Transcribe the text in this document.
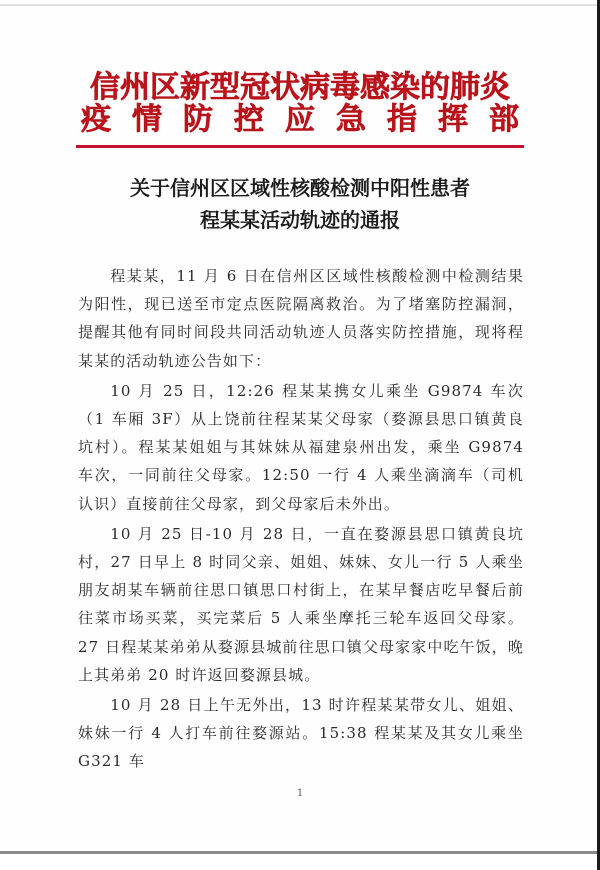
信州区新型冠状病毒感染的肺炎
疫情防控应急指挥部
关于信州区区域性核酸检测中阳性患者
程某某活动轨迹的通报

程某某，11 月 6 日在信州区区域性核酸检测中检测结果为阳性，现已送至市定点医院隔离救治。为了堵塞防控漏洞，提醒其他有同时间段共同活动轨迹人员落实防控措施，现将程某某的活动轨迹公告如下：

10 月 25 日，12:26 程某某携女儿乘坐 G9874 车次（1 车厢 3F）从上饶前往程某某父母家（婺源县思口镇黄良坑村）。程某某姐姐与其妹妹从福建泉州出发，乘坐 G9874 车次，一同前往父母家。12:50 一行 4 人乘坐滴滴车（司机认识）直接前往父母家，到父母家后未外出。

10 月 25 日-10 月 28 日，一直在婺源县思口镇黄良坑村，27 日早上 8 时同父亲、姐姐、妹妹、女儿一行 5 人乘坐朋友胡某车辆前往思口镇思口村街上，在某早餐店吃早餐后前往菜市场买菜，买完菜后 5 人乘坐摩托三轮车返回父母家。27 日程某某弟弟从婺源县城前往思口镇父母家家中吃午饭，晚上其弟弟 20 时许返回婺源县城。

10 月 28 日上午无外出，13 时许程某某带女儿、姐姐、妹妹一行 4 人打车前往婺源站。15:38 程某某及其女儿乘坐 G321 车

1
